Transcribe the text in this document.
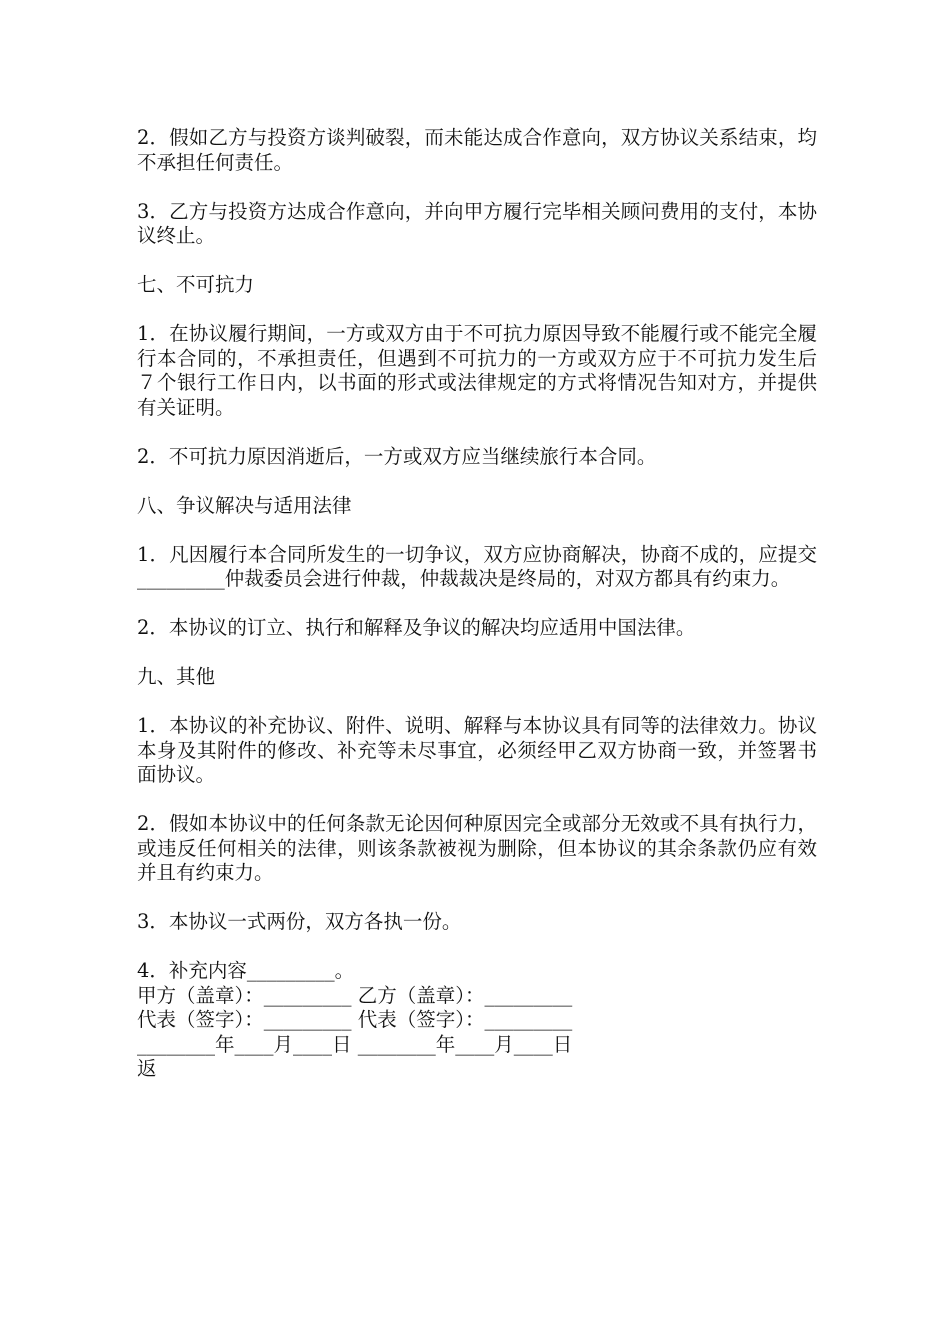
2．假如乙方与投资方谈判破裂，而未能达成合作意向，双方协议关系结束，均不承担任何责任。

3．乙方与投资方达成合作意向，并向甲方履行完毕相关顾问费用的支付，本协议终止。

七、不可抗力

1．在协议履行期间，一方或双方由于不可抗力原因导致不能履行或不能完全履行本合同的，不承担责任，但遇到不可抗力的一方或双方应于不可抗力发生后７个银行工作日内，以书面的形式或法律规定的方式将情况告知对方，并提供有关证明。

2．不可抗力原因消逝后，一方或双方应当继续旅行本合同。

八、争议解决与适用法律

1．凡因履行本合同所发生的一切争议，双方应协商解决，协商不成的，应提交_________仲裁委员会进行仲裁，仲裁裁决是终局的，对双方都具有约束力。

2．本协议的订立、执行和解释及争议的解决均应适用中国法律。

九、其他

1．本协议的补充协议、附件、说明、解释与本协议具有同等的法律效力。协议本身及其附件的修改、补充等未尽事宜，必须经甲乙双方协商一致，并签署书面协议。

2．假如本协议中的任何条款无论因何种原因完全或部分无效或不具有执行力，或违反任何相关的法律，则该条款被视为删除，但本协议的其余条款仍应有效并且有约束力。

3．本协议一式两份，双方各执一份。

4．补充内容_________。

甲方（盖章）：_________ 乙方（盖章）：_________

代表（签字）：_________ 代表（签字）：_________

________年____月____日 ________年____月____日

返
